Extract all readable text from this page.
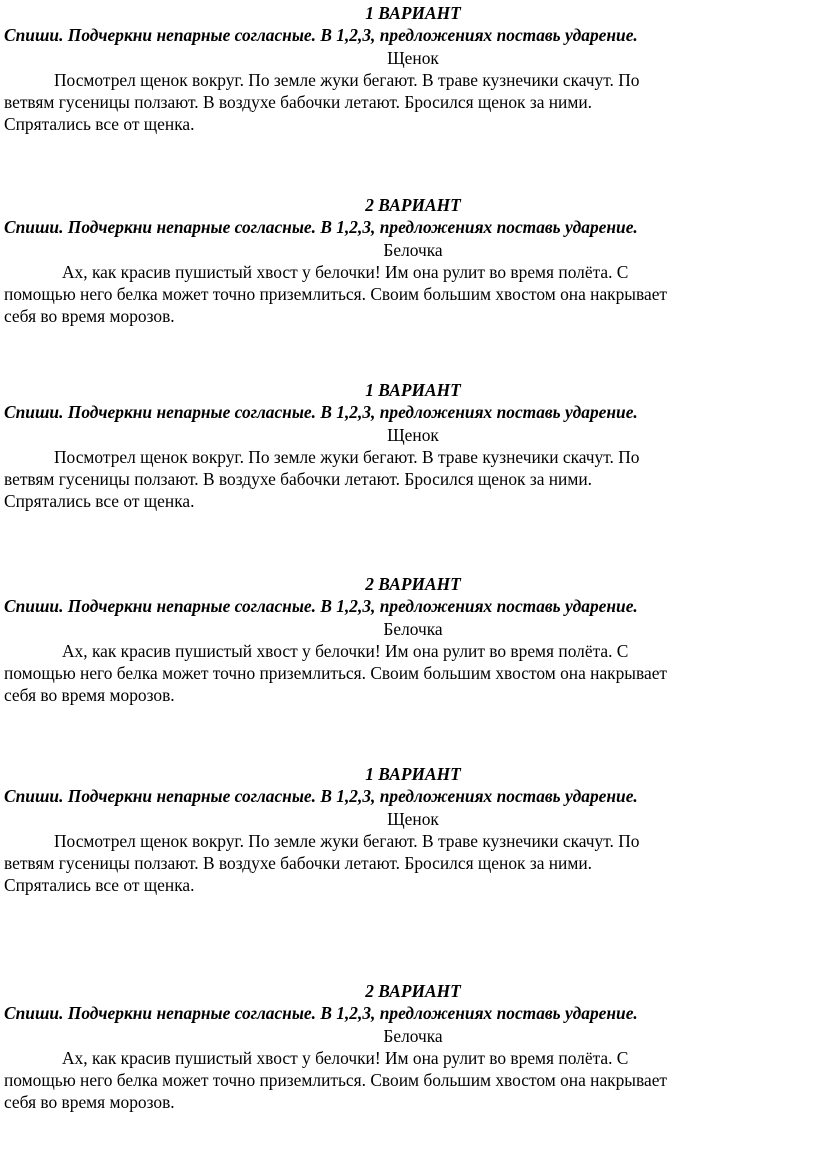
1 ВАРИАНТ
Спиши. Подчеркни непарные согласные. В 1,2,3, предложениях поставь ударение.
Щенок
Посмотрел щенок вокруг. По земле жуки бегают. В траве кузнечики скачут. По
ветвям гусеницы ползают. В воздухе бабочки летают. Бросился щенок за ними.
Спрятались все от щенка.
2 ВАРИАНТ
Спиши. Подчеркни непарные согласные. В 1,2,3, предложениях поставь ударение.
Белочка
Ах, как красив пушистый хвост у белочки! Им она рулит во время полёта. С
помощью него белка может точно приземлиться. Своим большим хвостом она накрывает
себя во время морозов.
1 ВАРИАНТ
Спиши. Подчеркни непарные согласные. В 1,2,3, предложениях поставь ударение.
Щенок
Посмотрел щенок вокруг. По земле жуки бегают. В траве кузнечики скачут. По
ветвям гусеницы ползают. В воздухе бабочки летают. Бросился щенок за ними.
Спрятались все от щенка.
2 ВАРИАНТ
Спиши. Подчеркни непарные согласные. В 1,2,3, предложениях поставь ударение.
Белочка
Ах, как красив пушистый хвост у белочки! Им она рулит во время полёта. С
помощью него белка может точно приземлиться. Своим большим хвостом она накрывает
себя во время морозов.
1 ВАРИАНТ
Спиши. Подчеркни непарные согласные. В 1,2,3, предложениях поставь ударение.
Щенок
Посмотрел щенок вокруг. По земле жуки бегают. В траве кузнечики скачут. По
ветвям гусеницы ползают. В воздухе бабочки летают. Бросился щенок за ними.
Спрятались все от щенка.
2 ВАРИАНТ
Спиши. Подчеркни непарные согласные. В 1,2,3, предложениях поставь ударение.
Белочка
Ах, как красив пушистый хвост у белочки! Им она рулит во время полёта. С
помощью него белка может точно приземлиться. Своим большим хвостом она накрывает
себя во время морозов.
